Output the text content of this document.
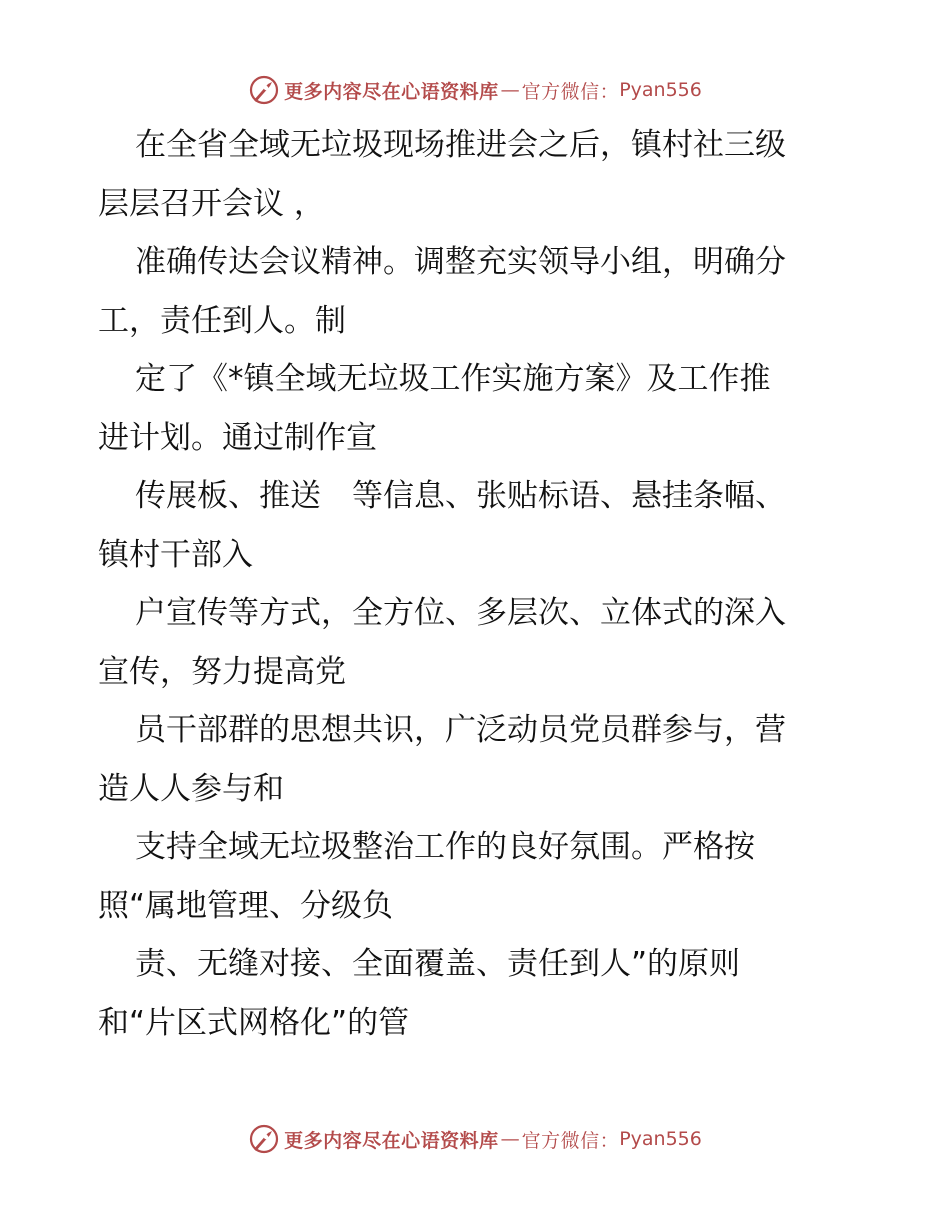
更多内容尽在心语资料库 — 官方微信： Pyan556
在全省全域无垃圾现场推进会之后，镇村社三级
层层召开会议 ，
准确传达会议精神。调整充实领导小组，明确分
工，责任到人。制
定了《*镇全域无垃圾工作实施方案》及工作推
进计划。通过制作宣
传展板、推送　等信息、张贴标语、悬挂条幅、
镇村干部入
户宣传等方式，全方位、多层次、立体式的深入
宣传，努力提高党
员干部群的思想共识，广泛动员党员群参与，营
造人人参与和
支持全域无垃圾整治工作的良好氛围。严格按
照“属地管理、分级负
责、无缝对接、全面覆盖、责任到人”的原则
和“片区式网格化”的管
更多内容尽在心语资料库 — 官方微信： Pyan556
